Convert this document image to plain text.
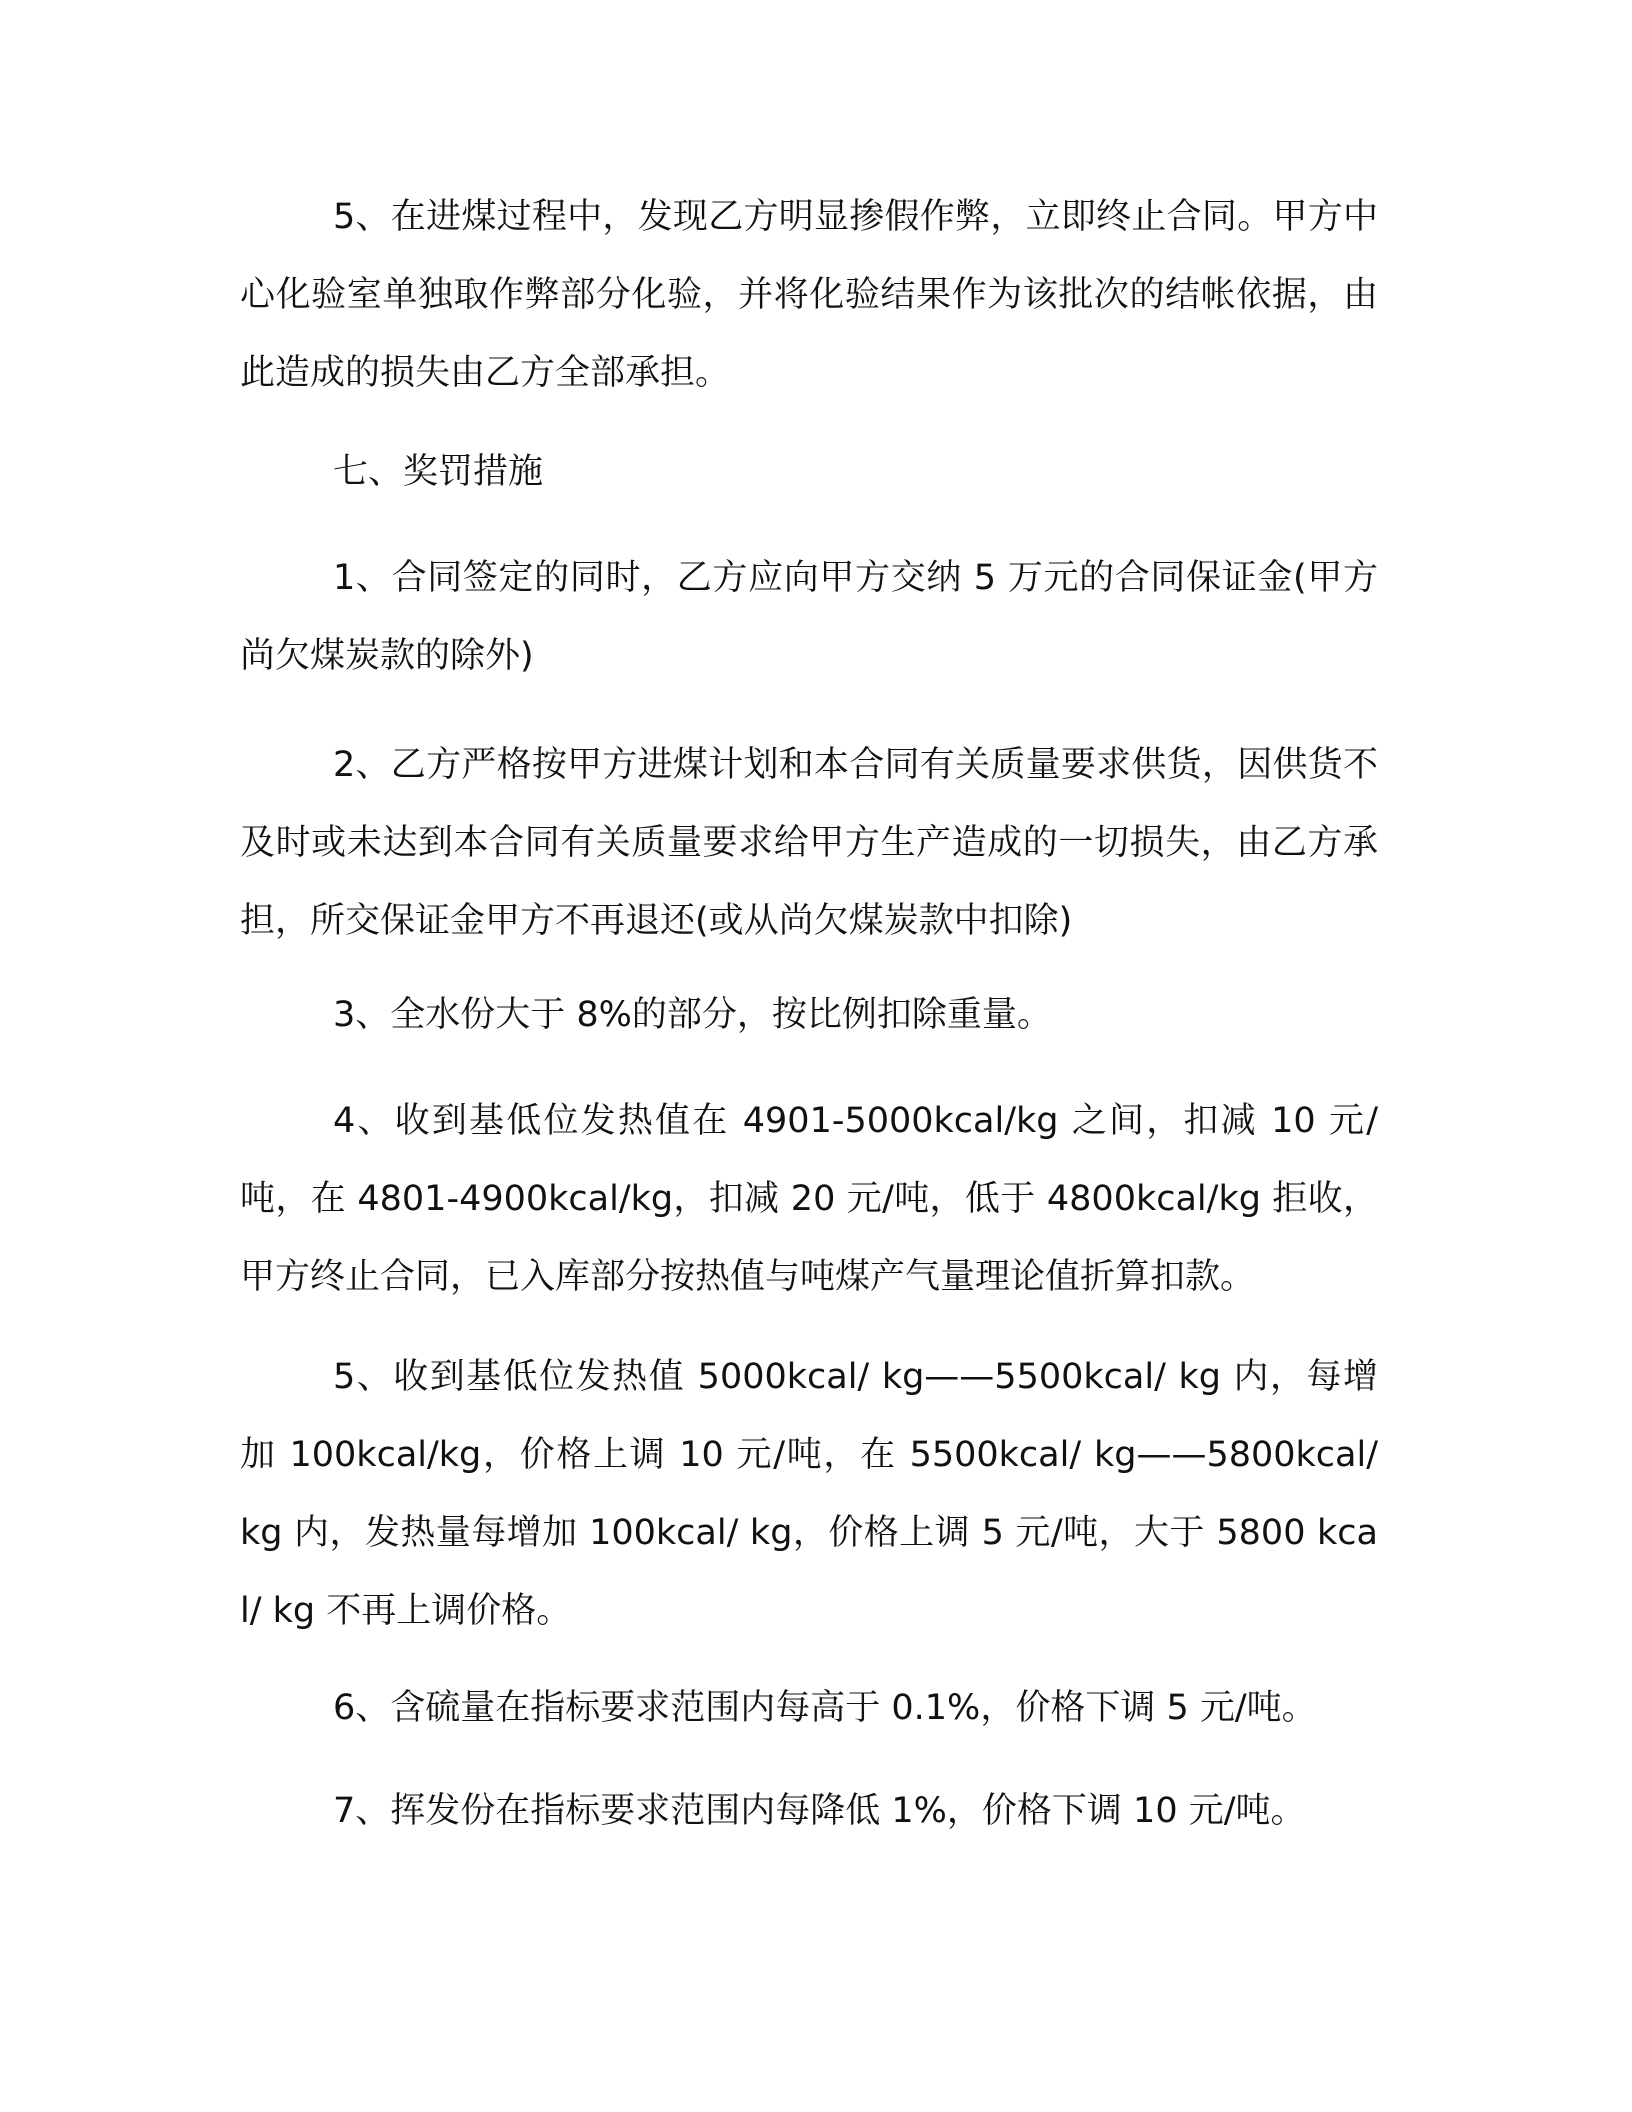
5、在进煤过程中，发现乙方明显掺假作弊，立即终止合同。甲方中心化验室单独取作弊部分化验，并将化验结果作为该批次的结帐依据，由此造成的损失由乙方全部承担。

七、奖罚措施

1、合同签定的同时，乙方应向甲方交纳 5 万元的合同保证金(甲方尚欠煤炭款的除外)

2、乙方严格按甲方进煤计划和本合同有关质量要求供货，因供货不及时或未达到本合同有关质量要求给甲方生产造成的一切损失，由乙方承担，所交保证金甲方不再退还(或从尚欠煤炭款中扣除)

3、全水份大于 8%的部分，按比例扣除重量。

4、收到基低位发热值在 4901-5000kcal/kg 之间，扣减 10 元/吨，在 4801-4900kcal/kg，扣减 20 元/吨，低于 4800kcal/kg 拒收，甲方终止合同，已入库部分按热值与吨煤产气量理论值折算扣款。

5、收到基低位发热值 5000kcal/ kg——5500kcal/ kg 内，每增加 100kcal/kg，价格上调 10 元/吨，在 5500kcal/ kg——5800kcal/ kg 内，发热量每增加 100kcal/ kg，价格上调 5 元/吨，大于 5800 kcal/ kg 不再上调价格。

6、含硫量在指标要求范围内每高于 0.1%，价格下调 5 元/吨。

7、挥发份在指标要求范围内每降低 1%，价格下调 10 元/吨。
